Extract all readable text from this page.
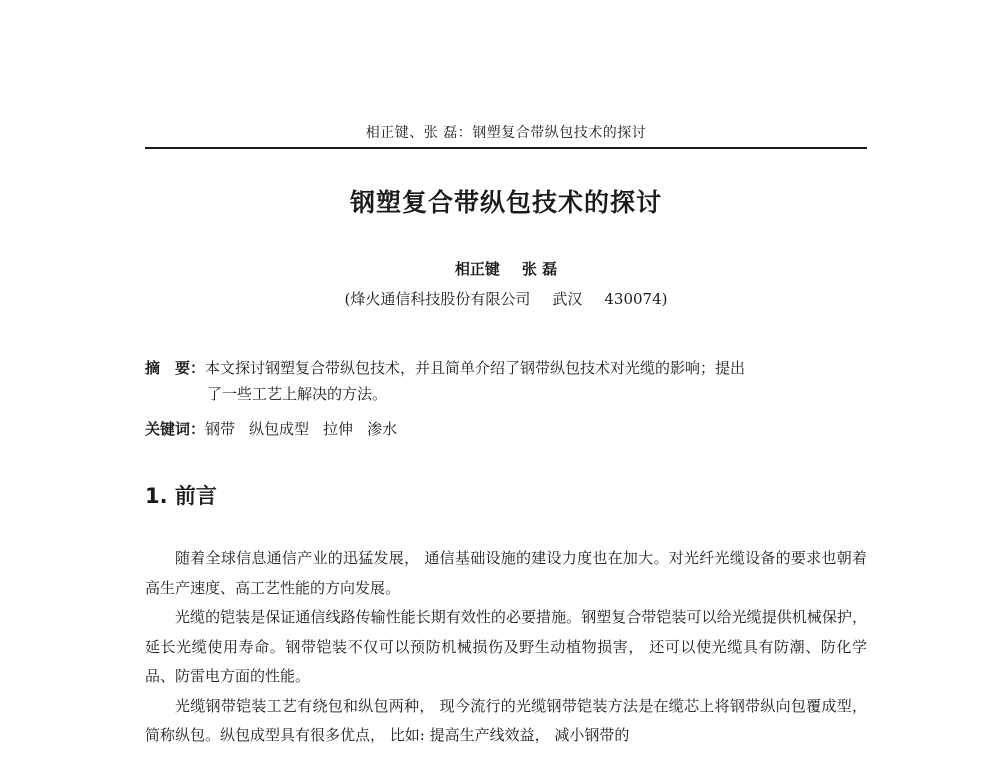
相正键、张 磊：钢塑复合带纵包技术的探讨
钢塑复合带纵包技术的探讨
相正键 张 磊
(烽火通信科技股份有限公司 武汉 430074)
摘　要：本文探讨钢塑复合带纵包技术，并且简单介绍了钢带纵包技术对光缆的影响；提出
了一些工艺上解决的方法。
关键词：钢带 纵包成型 拉伸 渗水
1. 前言

随着全球信息通信产业的迅猛发展， 通信基础设施的建设力度也在加大。对光纤光缆设备的要求也朝着高生产速度、高工艺性能的方向发展。

光缆的铠装是保证通信线路传输性能长期有效性的必要措施。钢塑复合带铠装可以给光缆提供机械保护， 延长光缆使用寿命。钢带铠装不仅可以预防机械损伤及野生动植物损害， 还可以使光缆具有防潮、防化学品、防雷电方面的性能。

光缆钢带铠装工艺有绕包和纵包两种， 现今流行的光缆钢带铠装方法是在缆芯上将钢带纵向包覆成型， 简称纵包。纵包成型具有很多优点， 比如: 提高生产线效益， 减小钢带的
